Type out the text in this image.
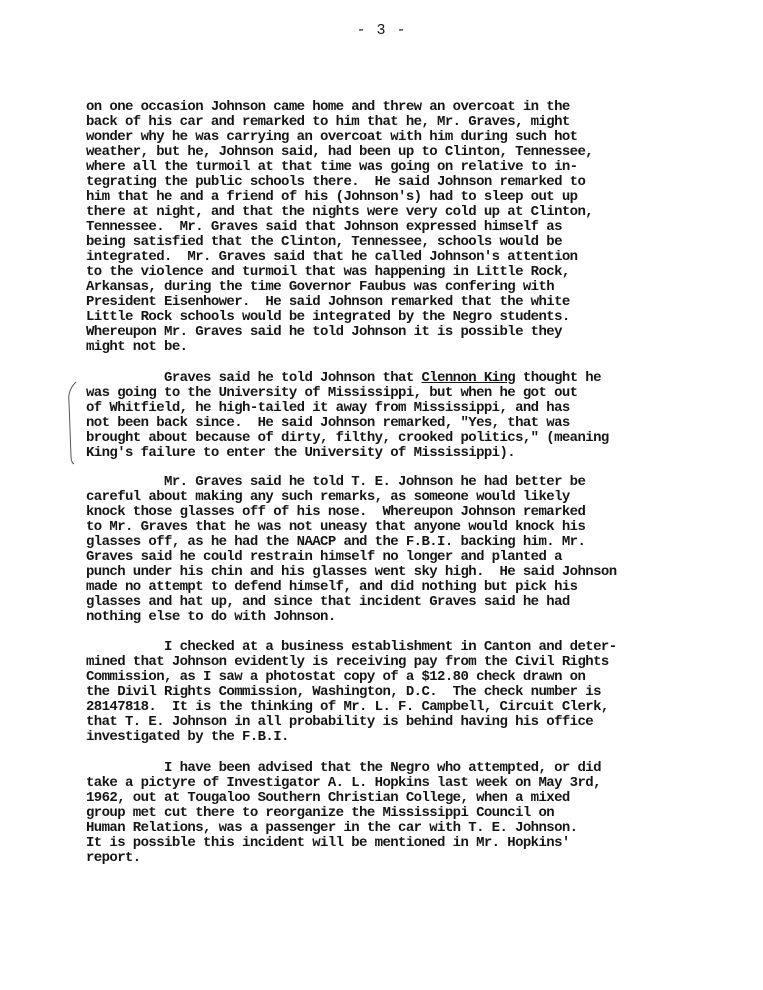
- 3 -
on one occasion Johnson came home and threw an overcoat in the
back of his car and remarked to him that he, Mr. Graves, might
wonder why he was carrying an overcoat with him during such hot
weather, but he, Johnson said, had been up to Clinton, Tennessee,
where all the turmoil at that time was going on relative to in-
tegrating the public schools there.  He said Johnson remarked to
him that he and a friend of his (Johnson's) had to sleep out up
there at night, and that the nights were very cold up at Clinton,
Tennessee.  Mr. Graves said that Johnson expressed himself as
being satisfied that the Clinton, Tennessee, schools would be
integrated.  Mr. Graves said that he called Johnson's attention
to the violence and turmoil that was happening in Little Rock,
Arkansas, during the time Governor Faubus was confering with
President Eisenhower.  He said Johnson remarked that the white
Little Rock schools would be integrated by the Negro students.
Whereupon Mr. Graves said he told Johnson it is possible they
might not be.
Graves said he told Johnson that Clennon King thought he
was going to the University of Mississippi, but when he got out
of Whitfield, he high-tailed it away from Mississippi, and has
not been back since.  He said Johnson remarked, "Yes, that was
brought about because of dirty, filthy, crooked politics," (meaning
King's failure to enter the University of Mississippi).
Mr. Graves said he told T. E. Johnson he had better be
careful about making any such remarks, as someone would likely
knock those glasses off of his nose.  Whereupon Johnson remarked
to Mr. Graves that he was not uneasy that anyone would knock his
glasses off, as he had the NAACP and the F.B.I. backing him. Mr.
Graves said he could restrain himself no longer and planted a
punch under his chin and his glasses went sky high.  He said Johnson
made no attempt to defend himself, and did nothing but pick his
glasses and hat up, and since that incident Graves said he had
nothing else to do with Johnson.
I checked at a business establishment in Canton and deter-
mined that Johnson evidently is receiving pay from the Civil Rights
Commission, as I saw a photostat copy of a $12.80 check drawn on
the Divil Rights Commission, Washington, D.C.  The check number is
28147818.  It is the thinking of Mr. L. F. Campbell, Circuit Clerk,
that T. E. Johnson in all probability is behind having his office
investigated by the F.B.I.
I have been advised that the Negro who attempted, or did
take a pictyre of Investigator A. L. Hopkins last week on May 3rd,
1962, out at Tougaloo Southern Christian College, when a mixed
group met cut there to reorganize the Mississippi Council on
Human Relations, was a passenger in the car with T. E. Johnson.
It is possible this incident will be mentioned in Mr. Hopkins'
report.
